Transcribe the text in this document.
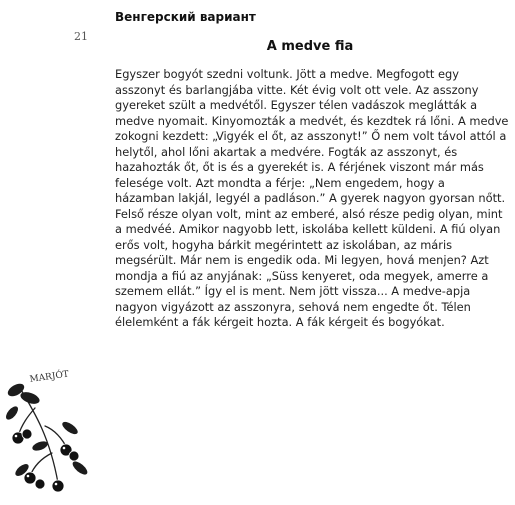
21
Венгерский вариант
A medve fia
Egyszer bogyót szedni voltunk. Jött a medve. Megfogott egy
asszonyt és barlangjába vitte. Két évig volt ott vele. Az asszony
gyereket szült a medvétől. Egyszer télen vadászok meglátták a
medve nyomait. Kinyomozták a medvét, és kezdtek rá lőni. A medve
zokogni kezdett: „Vigyék el őt, az asszonyt!” Ő nem volt távol attól a
helytől, ahol lőni akartak a medvére. Fogták az asszonyt, és
hazahozták őt, őt is és a gyerekét is. A férjének viszont már más
felesége volt. Azt mondta a férje: „Nem engedem, hogy a
házamban lakjál, legyél a padláson.” A gyerek nagyon gyorsan nőtt.
Felső része olyan volt, mint az emberé, alsó része pedig olyan, mint
a medvéé. Amikor nagyobb lett, iskolába kellett küldeni. A fiú olyan
erős volt, hogyha bárkit megérintett az iskolában, az máris
megsérült. Már nem is engedik oda. Mi legyen, hová menjen? Azt
mondja a fiú az anyjának: „Süss kenyeret, oda megyek, amerre a
szemem ellát.” Így el is ment. Nem jött vissza... A medve-apja
nagyon vigyázott az asszonyra, sehová nem engedte őt. Télen
élelemként a fák kérgeit hozta. A fák kérgeit és bogyókat.
MARJÓT
